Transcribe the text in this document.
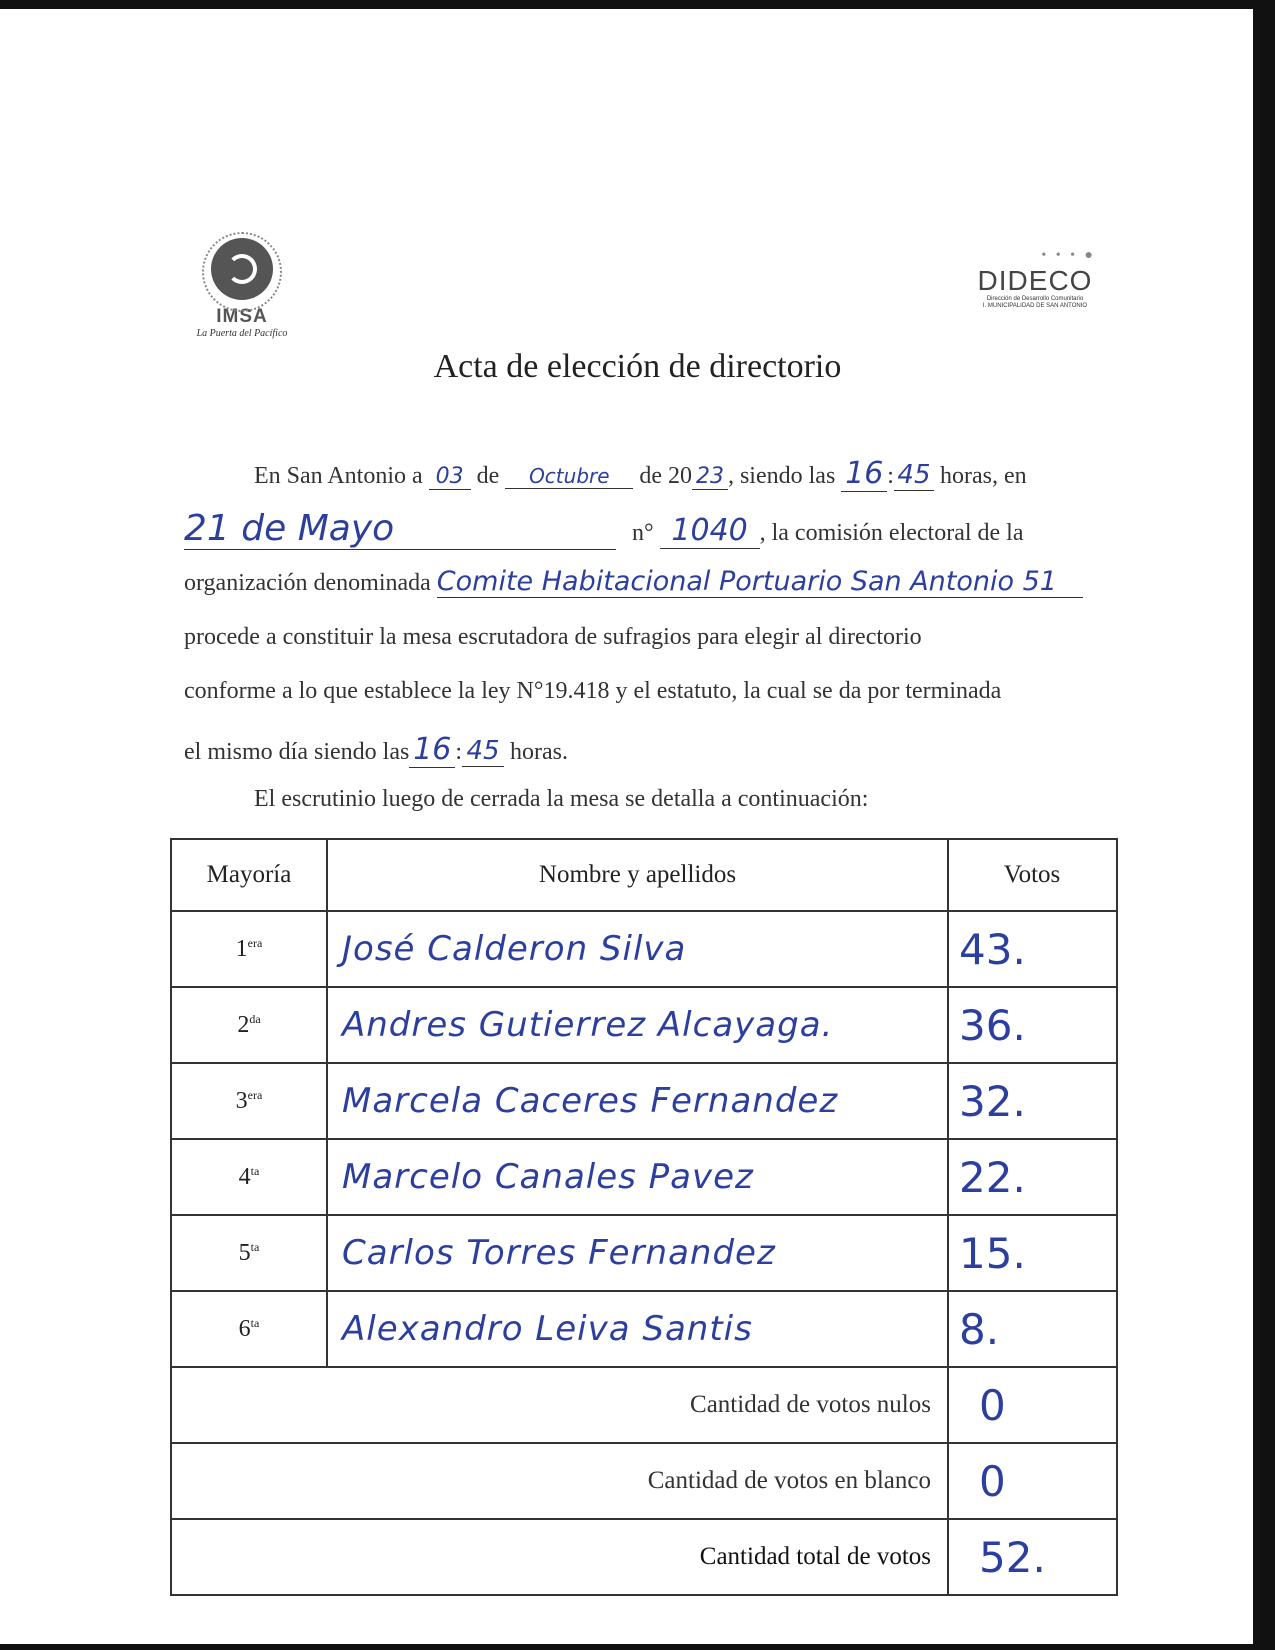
IMSA
La Puerta del Pacífico
• • • ●
DIDECO
Dirección de Desarrollo Comunitario
I. MUNICIPALIDAD DE SAN ANTONIO
Acta de elección de directorio
En San Antonio a 03 de Octubre de 20 23 , siendo las 16 : 45 horas, en
21 de Mayo	n° 1040 , la comisión electoral de la
organización denominada Comite Habitacional Portuario San Antonio 51
procede a constituir la mesa escrutadora de sufragios para elegir al directorio
conforme a lo que establece la ley N°19.418 y el estatuto, la cual se da por terminada
el mismo día siendo las 16 : 45 horas.
El escrutinio luego de cerrada la mesa se detalla a continuación:
Mayoría	Nombre y apellidos	Votos
$1^{era}$	José Calderon Silva	43.
$2^{da}$	Andres Gutierrez Alcayaga.	36.
$3^{era}$	Marcela Caceres Fernandez	32.
$4^{ta}$	Marcelo Canales Pavez	22.
$5^{ta}$	Carlos Torres Fernandez	15.
$6^{ta}$	Alexandro Leiva Santis	8.
Cantidad de votos nulos		0
Cantidad de votos en blanco		0
Cantidad total de votos		52.
